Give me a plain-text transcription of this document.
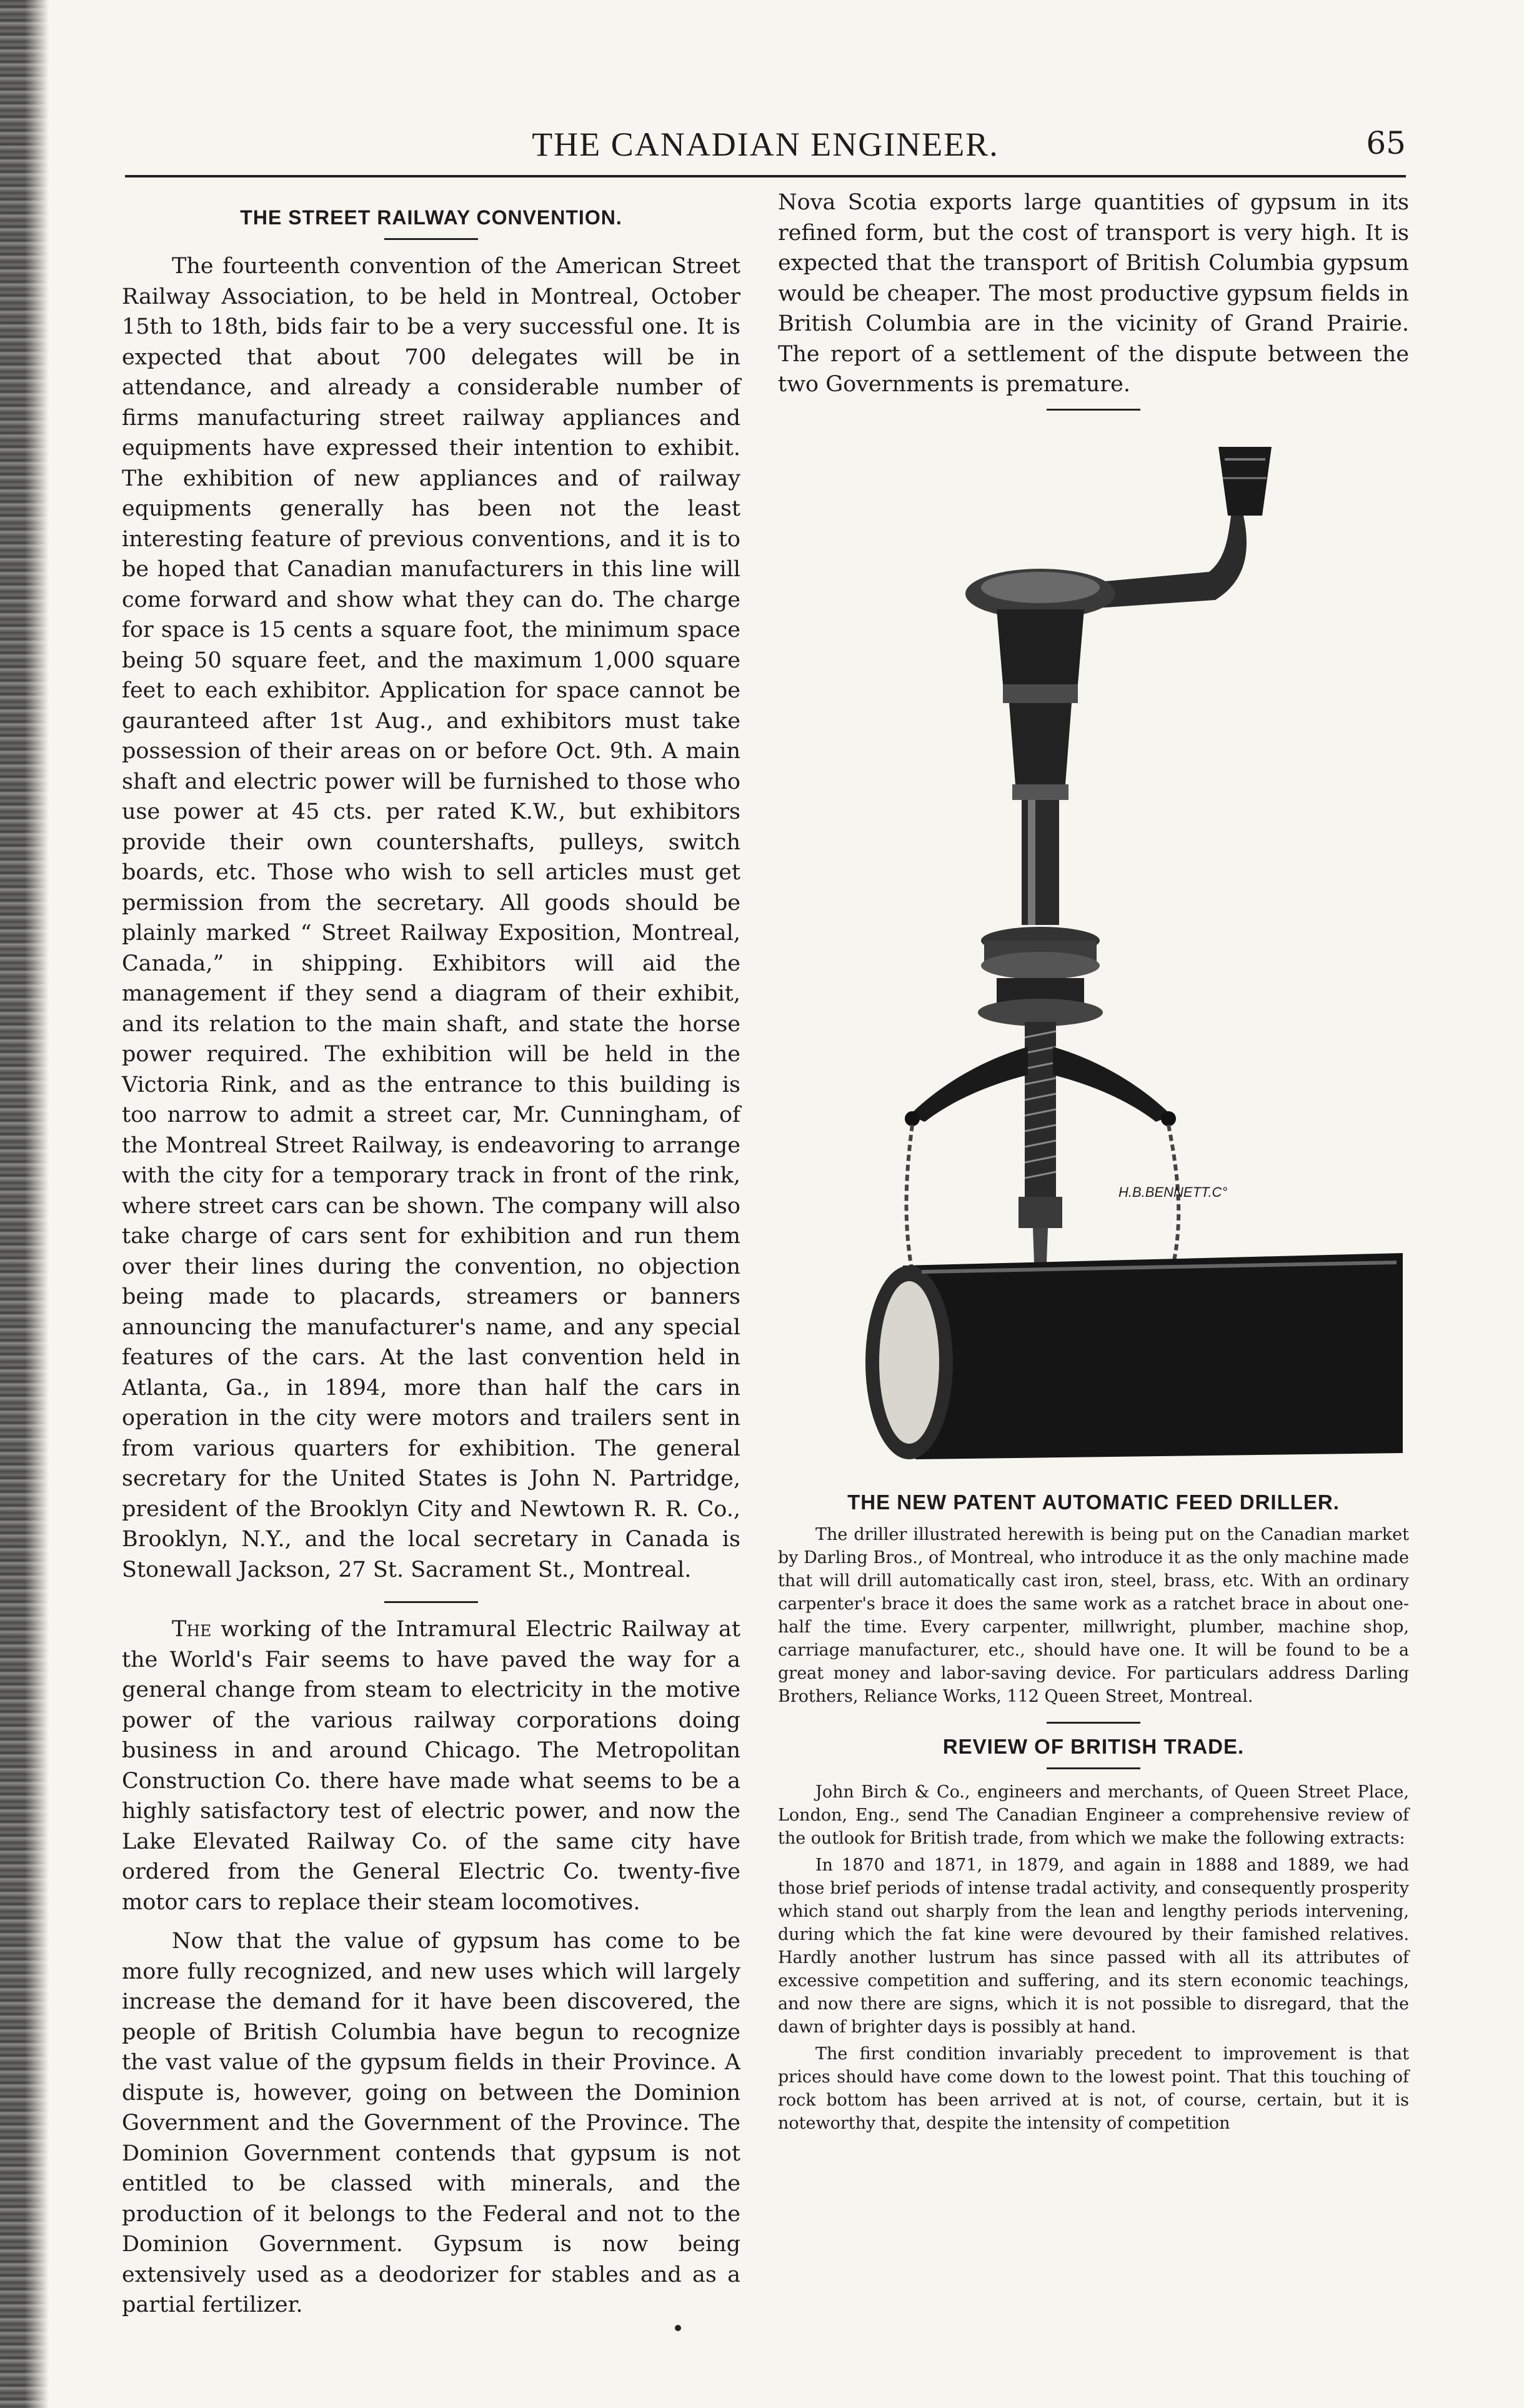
THE CANADIAN ENGINEER.	65
THE STREET RAILWAY CONVENTION.

The fourteenth convention of the American Street Railway Association, to be held in Montreal, October 15th to 18th, bids fair to be a very successful one. It is expected that about 700 delegates will be in attendance, and already a considerable number of firms manufacturing street railway appliances and equipments have expressed their intention to exhibit. The exhibition of new appliances and of railway equipments generally has been not the least interesting feature of previous conventions, and it is to be hoped that Canadian manufacturers in this line will come forward and show what they can do. The charge for space is 15 cents a square foot, the minimum space being 50 square feet, and the maximum 1,000 square feet to each exhibitor. Application for space cannot be gauranteed after 1st Aug., and exhibitors must take possession of their areas on or before Oct. 9th. A main shaft and electric power will be furnished to those who use power at 45 cts. per rated K.W., but exhibitors provide their own countershafts, pulleys, switch boards, etc. Those who wish to sell articles must get permission from the secretary. All goods should be plainly marked “ Street Railway Exposition, Montreal, Canada,” in shipping. Exhibitors will aid the management if they send a diagram of their exhibit, and its relation to the main shaft, and state the horse power required. The exhibition will be held in the Victoria Rink, and as the entrance to this building is too narrow to admit a street car, Mr. Cunningham, of the Montreal Street Railway, is endeavoring to arrange with the city for a temporary track in front of the rink, where street cars can be shown. The company will also take charge of cars sent for exhibition and run them over their lines during the convention, no objection being made to placards, streamers or banners announcing the manufacturer's name, and any special features of the cars. At the last convention held in Atlanta, Ga., in 1894, more than half the cars in operation in the city were motors and trailers sent in from various quarters for exhibition. The general secretary for the United States is John N. Partridge, president of the Brooklyn City and Newtown R. R. Co., Brooklyn, N.Y., and the local secretary in Canada is Stonewall Jackson, 27 St. Sacrament St., Montreal.

The working of the Intramural Electric Railway at the World's Fair seems to have paved the way for a general change from steam to electricity in the motive power of the various railway corporations doing business in and around Chicago. The Metropolitan Construction Co. there have made what seems to be a highly satisfactory test of electric power, and now the Lake Elevated Railway Co. of the same city have ordered from the General Electric Co. twenty-five motor cars to replace their steam locomotives.

Now that the value of gypsum has come to be more fully recognized, and new uses which will largely increase the demand for it have been discovered, the people of British Columbia have begun to recognize the vast value of the gypsum fields in their Province. A dispute is, however, going on between the Dominion Government and the Government of the Province. The Dominion Government contends that gypsum is not entitled to be classed with minerals, and the production of it belongs to the Federal and not to the Dominion Government. Gypsum is now being extensively used as a deodorizer for stables and as a partial fertilizer.

Nova Scotia exports large quantities of gypsum in its refined form, but the cost of transport is very high. It is expected that the transport of British Columbia gypsum would be cheaper. The most productive gypsum fields in British Columbia are in the vicinity of Grand Prairie. The report of a settlement of the dispute between the two Governments is premature.

H.B.BENNETT.C°
THE NEW PATENT AUTOMATIC FEED DRILLER.

The driller illustrated herewith is being put on the Canadian market by Darling Bros., of Montreal, who introduce it as the only machine made that will drill automatically cast iron, steel, brass, etc. With an ordinary carpenter's brace it does the same work as a ratchet brace in about one-half the time. Every carpenter, millwright, plumber, machine shop, carriage manufacturer, etc., should have one. It will be found to be a great money and labor-saving device. For particulars address Darling Brothers, Reliance Works, 112 Queen Street, Montreal.

REVIEW OF BRITISH TRADE.

John Birch & Co., engineers and merchants, of Queen Street Place, London, Eng., send The Canadian Engineer a comprehensive review of the outlook for British trade, from which we make the following extracts:

In 1870 and 1871, in 1879, and again in 1888 and 1889, we had those brief periods of intense tradal activity, and consequently prosperity which stand out sharply from the lean and lengthy periods intervening, during which the fat kine were devoured by their famished relatives. Hardly another lustrum has since passed with all its attributes of excessive competition and suffering, and its stern economic teachings, and now there are signs, which it is not possible to disregard, that the dawn of brighter days is possibly at hand.

The first condition invariably precedent to improvement is that prices should have come down to the lowest point. That this touching of rock bottom has been arrived at is not, of course, certain, but it is noteworthy that, despite the intensity of competition
